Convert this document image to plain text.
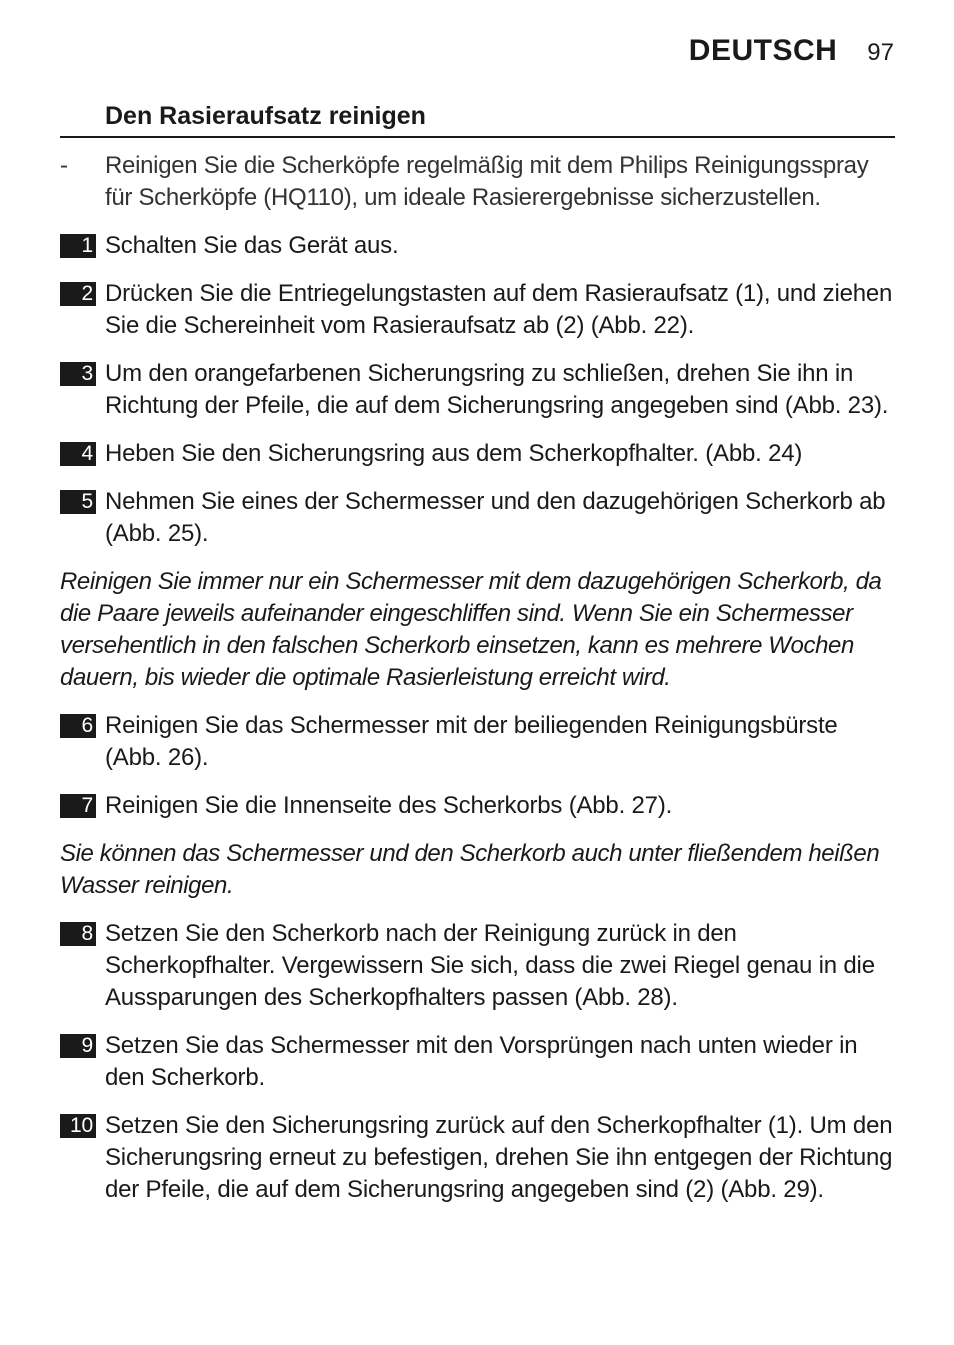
DEUTSCH 97
Den Rasieraufsatz reinigen
-	Reinigen Sie die Scherköpfe regelmäßig mit dem Philips Reinigungsspray für Scherköpfe (HQ110), um ideale Rasierergebnisse sicherzustellen.
1 Schalten Sie das Gerät aus.
2 Drücken Sie die Entriegelungstasten auf dem Rasieraufsatz (1), und ziehen Sie die Schereinheit vom Rasieraufsatz ab (2) (Abb. 22).
3 Um den orangefarbenen Sicherungsring zu schließen, drehen Sie ihn in Richtung der Pfeile, die auf dem Sicherungsring angegeben sind (Abb. 23).
4 Heben Sie den Sicherungsring aus dem Scherkopfhalter. (Abb. 24)
5 Nehmen Sie eines der Schermesser und den dazugehörigen Scherkorb ab (Abb. 25).
Reinigen Sie immer nur ein Schermesser mit dem dazugehörigen Scherkorb, da die Paare jeweils aufeinander eingeschliffen sind. Wenn Sie ein Schermesser versehentlich in den falschen Scherkorb einsetzen, kann es mehrere Wochen dauern, bis wieder die optimale Rasierleistung erreicht wird.
6 Reinigen Sie das Schermesser mit der beiliegenden Reinigungsbürste (Abb. 26).
7 Reinigen Sie die Innenseite des Scherkorbs (Abb. 27).
Sie können das Schermesser und den Scherkorb auch unter fließendem heißen Wasser reinigen.
8 Setzen Sie den Scherkorb nach der Reinigung zurück in den Scherkopfhalter. Vergewissern Sie sich, dass die zwei Riegel genau in die Aussparungen des Scherkopfhalters passen (Abb. 28).
9 Setzen Sie das Schermesser mit den Vorsprüngen nach unten wieder in den Scherkorb.
10 Setzen Sie den Sicherungsring zurück auf den Scherkopfhalter (1). Um den Sicherungsring erneut zu befestigen, drehen Sie ihn entgegen der Richtung der Pfeile, die auf dem Sicherungsring angegeben sind (2) (Abb. 29).
